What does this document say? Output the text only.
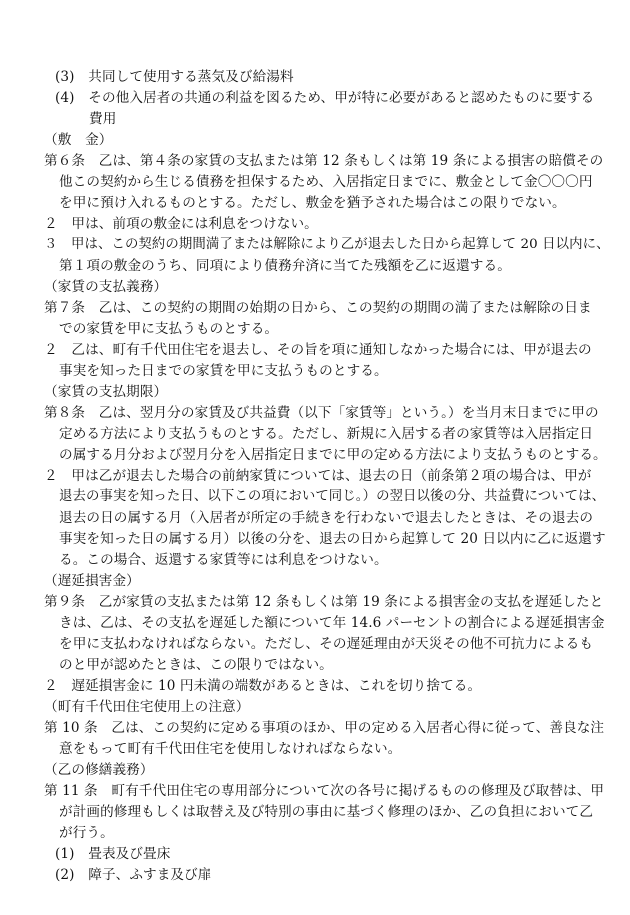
(3)　共同して使用する蒸気及び給湯料
(4)　その他入居者の共通の利益を図るため、甲が特に必要があると認めたものに要する
費用
（敷　金）
第６条　乙は、第４条の家賃の支払または第 12 条もしくは第 19 条による損害の賠償その
他この契約から生じる債務を担保するため、入居指定日までに、敷金として金〇〇〇円
を甲に預け入れるものとする。ただし、敷金を猶予された場合はこの限りでない。
２　甲は、前項の敷金には利息をつけない。
３　甲は、この契約の期間満了または解除により乙が退去した日から起算して 20 日以内に、
第１項の敷金のうち、同項により債務弁済に当てた残額を乙に返還する。
（家賃の支払義務）
第７条　乙は、この契約の期間の始期の日から、この契約の期間の満了または解除の日ま
での家賃を甲に支払うものとする。
２　乙は、町有千代田住宅を退去し、その旨を項に通知しなかった場合には、甲が退去の
事実を知った日までの家賃を甲に支払うものとする。
（家賃の支払期限）
第８条　乙は、翌月分の家賃及び共益費（以下「家賃等」という。）を当月末日までに甲の
定める方法により支払うものとする。ただし、新規に入居する者の家賃等は入居指定日
の属する月分および翌月分を入居指定日までに甲の定める方法により支払うものとする。
２　甲は乙が退去した場合の前納家賃については、退去の日（前条第２項の場合は、甲が
退去の事実を知った日、以下この項において同じ。）の翌日以後の分、共益費については、
退去の日の属する月（入居者が所定の手続きを行わないで退去したときは、その退去の
事実を知った日の属する月）以後の分を、退去の日から起算して 20 日以内に乙に返還す
る。この場合、返還する家賃等には利息をつけない。
（遅延損害金）
第９条　乙が家賃の支払または第 12 条もしくは第 19 条による損害金の支払を遅延したと
きは、乙は、その支払を遅延した額について年 14.6 パーセントの割合による遅延損害金
を甲に支払わなければならない。ただし、その遅延理由が天災その他不可抗力によるも
のと甲が認めたときは、この限りではない。
２　遅延損害金に 10 円未満の端数があるときは、これを切り捨てる。
（町有千代田住宅使用上の注意）
第 10 条　乙は、この契約に定める事項のほか、甲の定める入居者心得に従って、善良な注
意をもって町有千代田住宅を使用しなければならない。
（乙の修繕義務）
第 11 条　町有千代田住宅の専用部分について次の各号に掲げるものの修理及び取替は、甲
が計画的修理もしくは取替え及び特別の事由に基づく修理のほか、乙の負担において乙
が行う。
(1)　畳表及び畳床
(2)　障子、ふすま及び扉
